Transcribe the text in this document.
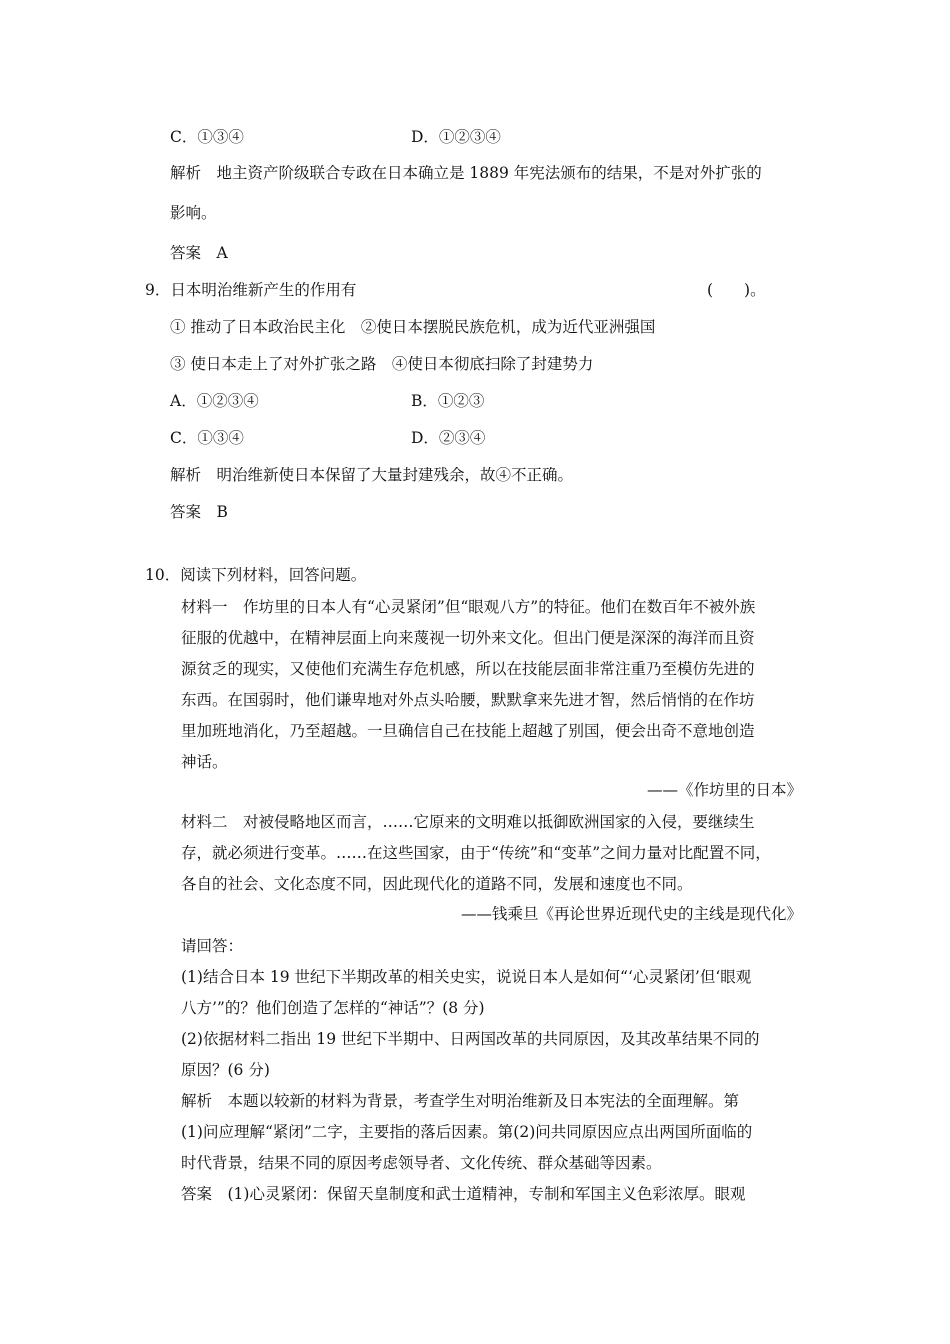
C．①③④	D．①②③④
解析　地主资产阶级联合专政在日本确立是 1889 年宪法颁布的结果，不是对外扩张的
影响。
答案　A
9．日本明治维新产生的作用有	(　　)。
① 推动了日本政治民主化　②使日本摆脱民族危机，成为近代亚洲强国
③ 使日本走上了对外扩张之路　④使日本彻底扫除了封建势力
A．①②③④	B．①②③
C．①③④	D．②③④
解析　明治维新使日本保留了大量封建残余，故④不正确。
答案　B
10．阅读下列材料，回答问题。
材料一　作坊里的日本人有“心灵紧闭”但“眼观八方”的特征。他们在数百年不被外族
征服的优越中，在精神层面上向来蔑视一切外来文化。但出门便是深深的海洋而且资
源贫乏的现实，又使他们充满生存危机感，所以在技能层面非常注重乃至模仿先进的
东西。在国弱时，他们谦卑地对外点头哈腰，默默拿来先进才智，然后悄悄的在作坊
里加班地消化，乃至超越。一旦确信自己在技能上超越了别国，便会出奇不意地创造
神话。
——《作坊里的日本》
材料二　对被侵略地区而言，……它原来的文明难以抵御欧洲国家的入侵，要继续生
存，就必须进行变革。……在这些国家，由于“传统”和“变革”之间力量对比配置不同，
各自的社会、文化态度不同，因此现代化的道路不同，发展和速度也不同。
——钱乘旦《再论世界近现代史的主线是现代化》
请回答：
(1)结合日本 19 世纪下半期改革的相关史实，说说日本人是如何“‘心灵紧闭’但‘眼观
八方’”的？他们创造了怎样的“神话”？(8 分)
(2)依据材料二指出 19 世纪下半期中、日两国改革的共同原因，及其改革结果不同的
原因？(6 分)
解析　本题以较新的材料为背景，考查学生对明治维新及日本宪法的全面理解。第
(1)问应理解“紧闭”二字，主要指的落后因素。第(2)问共同原因应点出两国所面临的
时代背景，结果不同的原因考虑领导者、文化传统、群众基础等因素。
答案　(1)心灵紧闭：保留天皇制度和武士道精神，专制和军国主义色彩浓厚。眼观
